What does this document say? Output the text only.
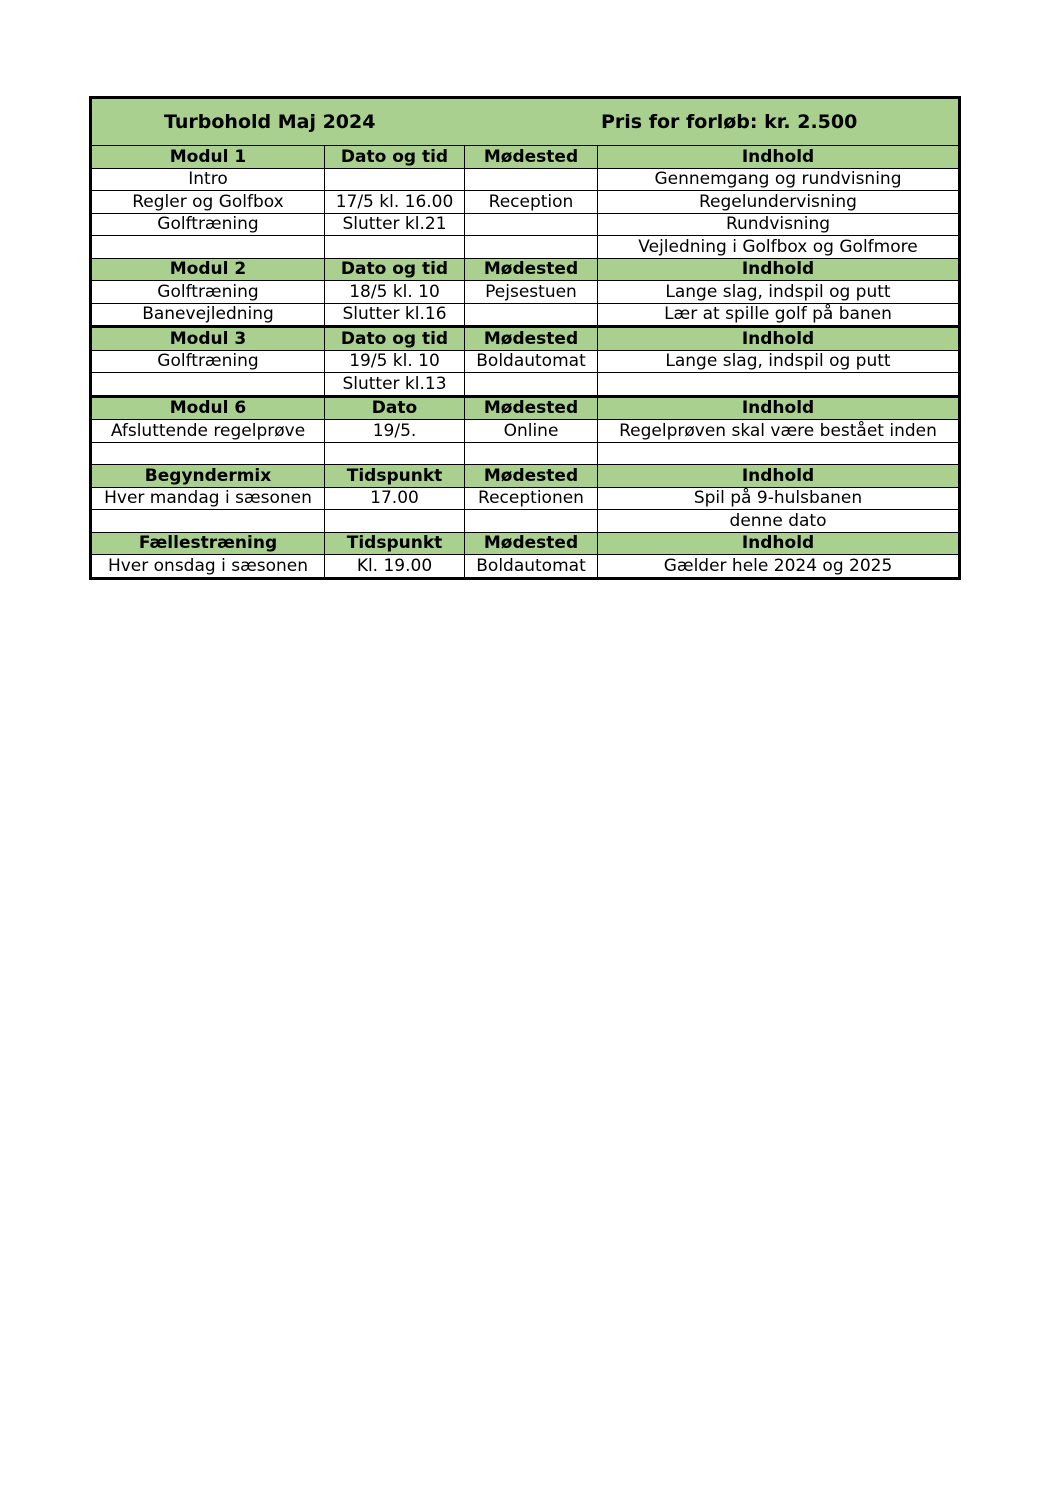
Turbohold Maj 2024 Pris for forløb: kr. 2.500			

Modul 1	Dato og tid	Mødested	Indhold
Intro			Gennemgang og rundvisning
Regler og Golfbox	17/5 kl. 16.00	Reception	Regelundervisning
Golftræning	Slutter kl.21		Rundvisning
			Vejledning i Golfbox og Golfmore
Modul 2	Dato og tid	Mødested	Indhold
Golftræning	18/5 kl. 10	Pejsestuen	Lange slag, indspil og putt
Banevejledning	Slutter kl.16		Lær at spille golf på banen
Modul 3	Dato og tid	Mødested	Indhold
Golftræning	19/5 kl. 10	Boldautomat	Lange slag, indspil og putt
	Slutter kl.13		
Modul 6	Dato	Mødested	Indhold
Afsluttende regelprøve	19/5.	Online	Regelprøven skal være bestået inden

Begyndermix	Tidspunkt	Mødested	Indhold
Hver mandag i sæsonen	17.00	Receptionen	Spil på 9-hulsbanen
			denne dato
Fællestræning	Tidspunkt	Mødested	Indhold
Hver onsdag i sæsonen	Kl. 19.00	Boldautomat	Gælder hele 2024 og 2025
